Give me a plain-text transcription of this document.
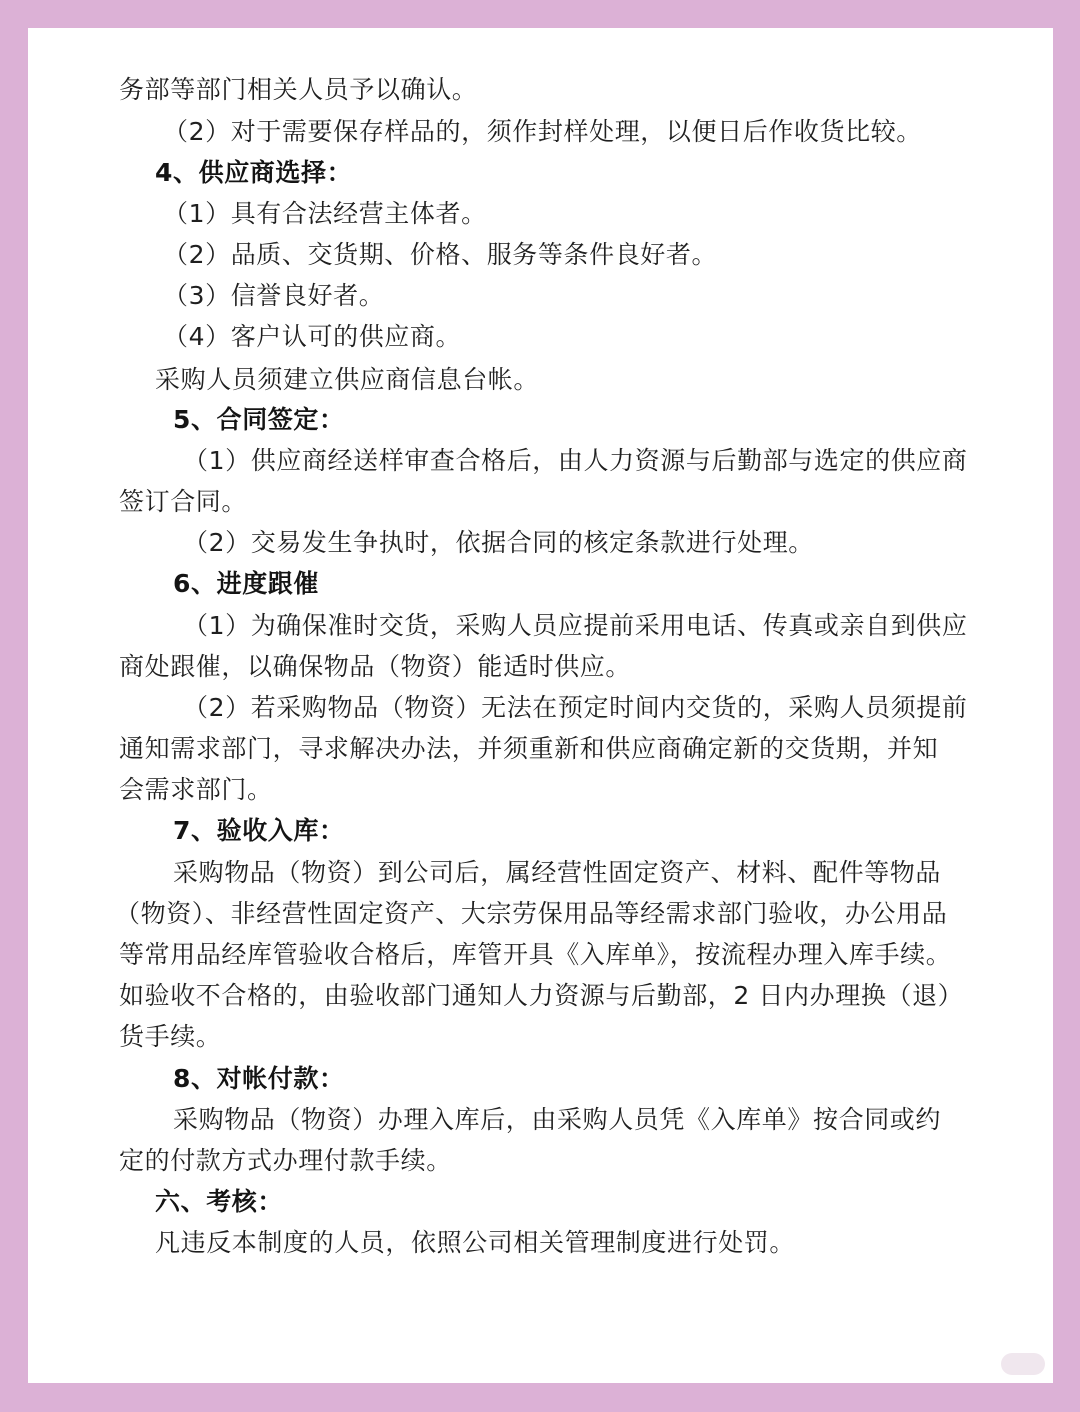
务部等部门相关人员予以确认。
（2）对于需要保存样品的，须作封样处理，以便日后作收货比较。
4、供应商选择：
（1）具有合法经营主体者。
（2）品质、交货期、价格、服务等条件良好者。
（3）信誉良好者。
（4）客户认可的供应商。
采购人员须建立供应商信息台帐。
5、合同签定：
（1）供应商经送样审查合格后，由人力资源与后勤部与选定的供应商
签订合同。
（2）交易发生争执时，依据合同的核定条款进行处理。
6、进度跟催
（1）为确保准时交货，采购人员应提前采用电话、传真或亲自到供应
商处跟催，以确保物品（物资）能适时供应。
（2）若采购物品（物资）无法在预定时间内交货的，采购人员须提前
通知需求部门，寻求解决办法，并须重新和供应商确定新的交货期，并知
会需求部门。
7、验收入库：
采购物品（物资）到公司后，属经营性固定资产、材料、配件等物品
（物资）、非经营性固定资产、大宗劳保用品等经需求部门验收，办公用品
等常用品经库管验收合格后，库管开具《入库单》，按流程办理入库手续。
如验收不合格的，由验收部门通知人力资源与后勤部，2 日内办理换（退）
货手续。
8、对帐付款：
采购物品（物资）办理入库后，由采购人员凭《入库单》按合同或约
定的付款方式办理付款手续。
六、考核：
凡违反本制度的人员，依照公司相关管理制度进行处罚。
